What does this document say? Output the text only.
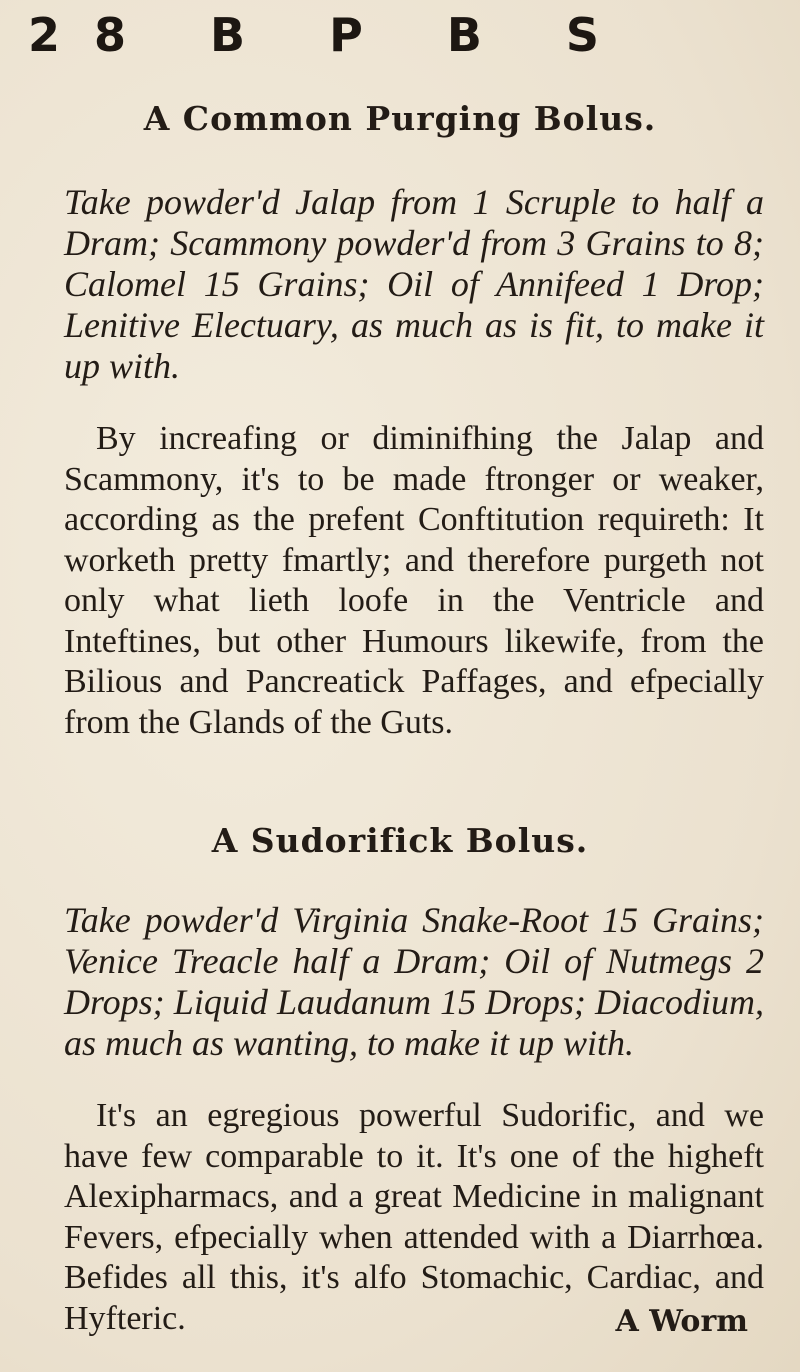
28 B P B S
A Common Purging Bolus.

Take powder'd Jalap from 1 Scruple to half a Dram; Scammony powder'd from 3 Grains to 8; Calomel 15 Grains; Oil of Annifeed 1 Drop; Lenitive Electuary, as much as is fit, to make it up with.

By increafing or diminifhing the Jalap and Scammony, it's to be made ftronger or weaker, according as the prefent Conftitution requireth: It worketh pretty fmartly; and therefore purgeth not only what lieth loofe in the Ventricle and Inteftines, but other Humours likewife, from the Bilious and Pancreatick Paffages, and efpecially from the Glands of the Guts.

A Sudorifick Bolus.

Take powder'd Virginia Snake-Root 15 Grains; Venice Treacle half a Dram; Oil of Nutmegs 2 Drops; Liquid Laudanum 15 Drops; Diacodium, as much as wanting, to make it up with.

It's an egregious powerful Sudorific, and we have few comparable to it. It's one of the higheft Alexipharmacs, and a great Medicine in malignant Fevers, efpecially when attended with a Diarrhœa. Befides all this, it's alfo Stomachic, Cardiac, and Hyfteric.	A Worm
